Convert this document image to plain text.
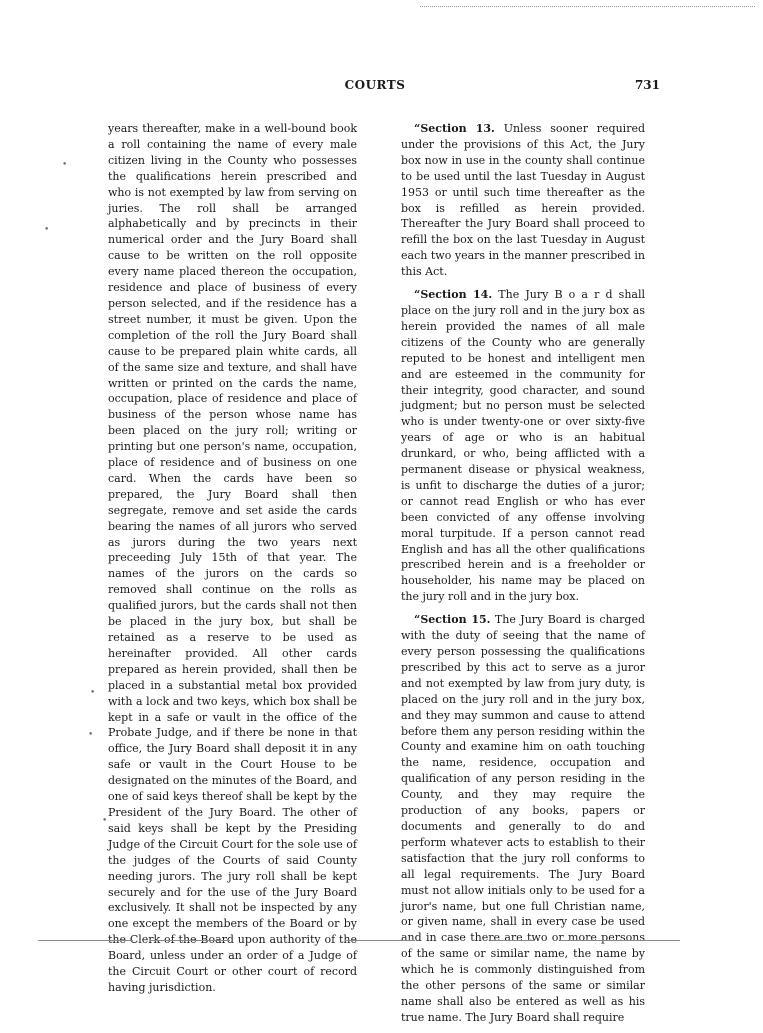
COURTS	731

years thereafter, make in a well-bound book a roll containing the name of every male citizen living in the County who possesses the qualifications herein prescribed and who is not exempted by law from serving on juries. The roll shall be arranged alphabetically and by precincts in their numerical order and the Jury Board shall cause to be written on the roll opposite every name placed thereon the occupation, residence and place of business of every person selected, and if the residence has a street number, it must be given. Upon the completion of the roll the Jury Board shall cause to be prepared plain white cards, all of the same size and texture, and shall have written or printed on the cards the name, occupation, place of residence and place of business of the person whose name has been placed on the jury roll; writing or printing but one person's name, occupation, place of residence and of business on one card. When the cards have been so prepared, the Jury Board shall then segregate, remove and set aside the cards bearing the names of all jurors who served as jurors during the two years next preceeding July 15th of that year. The names of the jurors on the cards so removed shall continue on the rolls as qualified jurors, but the cards shall not then be placed in the jury box, but shall be retained as a reserve to be used as hereinafter provided. All other cards prepared as herein provided, shall then be placed in a substantial metal box provided with a lock and two keys, which box shall be kept in a safe or vault in the office of the Probate Judge, and if there be none in that office, the Jury Board shall deposit it in any safe or vault in the Court House to be designated on the minutes of the Board, and one of said keys thereof shall be kept by the President of the Jury Board. The other of said keys shall be kept by the Presiding Judge of the Circuit Court for the sole use of the judges of the Courts of said County needing jurors. The jury roll shall be kept securely and for the use of the Jury Board exclusively. It shall not be inspected by any one except the members of the Board or by the Clerk of the Board upon authority of the Board, unless under an order of a Judge of the Circuit Court or other court of record having jurisdiction.

“Section 13. Unless sooner required under the provisions of this Act, the Jury box now in use in the county shall continue to be used until the last Tuesday in August 1953 or until such time thereafter as the box is refilled as herein provided. Thereafter the Jury Board shall proceed to refill the box on the last Tuesday in August each two years in the manner prescribed in this Act.

“Section 14. The Jury B o a r d shall place on the jury roll and in the jury box as herein provided the names of all male citizens of the County who are generally reputed to be honest and intelligent men and are esteemed in the community for their integrity, good character, and sound judgment; but no person must be selected who is under twenty-one or over sixty-five years of age or who is an habitual drunkard, or who, being afflicted with a permanent disease or physical weakness, is unfit to discharge the duties of a juror; or cannot read English or who has ever been convicted of any offense involving moral turpitude. If a person cannot read English and has all the other qualifications prescribed herein and is a freeholder or householder, his name may be placed on the jury roll and in the jury box.

“Section 15. The Jury Board is charged with the duty of seeing that the name of every person possessing the qualifications prescribed by this act to serve as a juror and not exempted by law from jury duty, is placed on the jury roll and in the jury box, and they may summon and cause to attend before them any person residing within the County and examine him on oath touching the name, residence, occupation and qualification of any person residing in the County, and they may require the production of any books, papers or documents and generally to do and perform whatever acts to establish to their satisfaction that the jury roll conforms to all legal requirements. The Jury Board must not allow initials only to be used for a juror's name, but one full Christian name, or given name, shall in every case be used and in case there are two or more persons of the same or similar name, the name by which he is commonly distinguished from the other persons of the same or similar name shall also be entered as well as his true name. The Jury Board shall require

•
•
•
•
•
